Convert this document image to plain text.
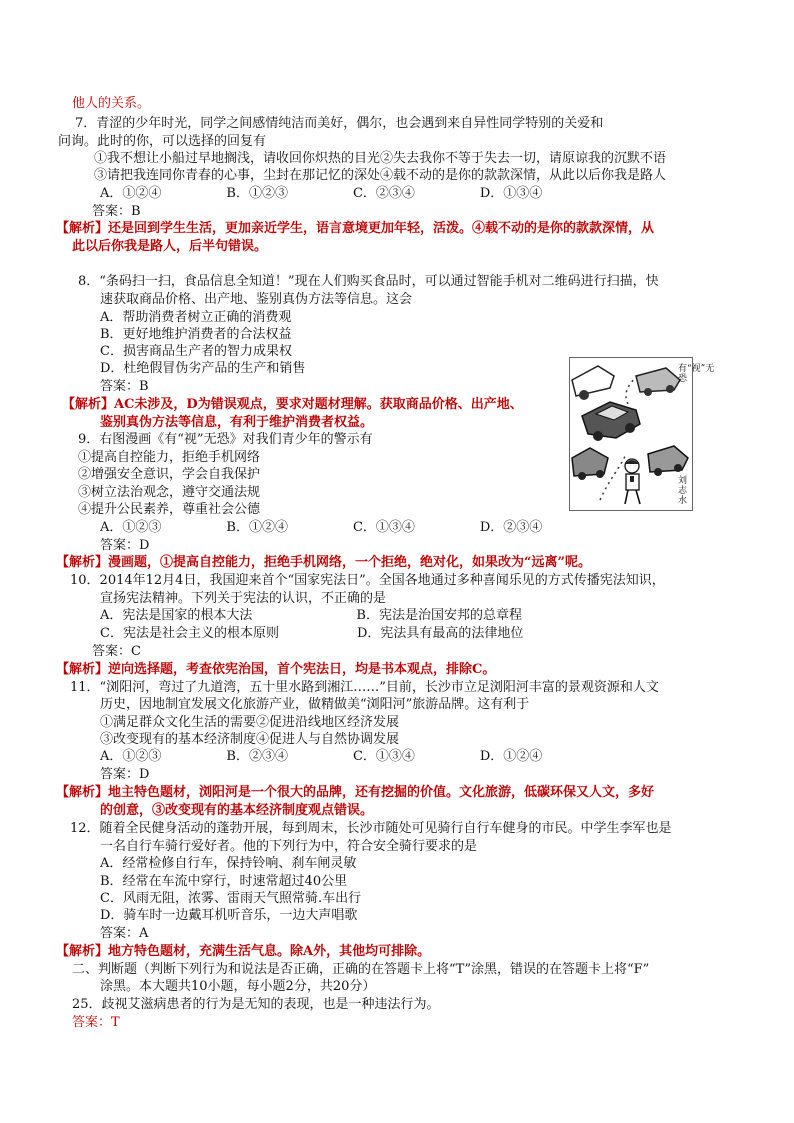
他人的关系。
7．青涩的少年时光，同学之间感情纯洁而美好，偶尔，也会遇到来自异性同学特别的关爱和
问询。此时的你，可以选择的回复有
①我不想让小船过早地搁浅，请收回你炽热的目光②失去我你不等于失去一切，请原谅我的沉默不语
③请把我连同你青春的心事，尘封在那记忆的深处④载不动的是你的款款深情，从此以后你我是路人
A．①②④　　　　　B．①②③　　　　　C．②③④　　　　　D．①③④
答案：B
【解析】还是回到学生生活，更加亲近学生，语言意境更加年轻，活泼。④载不动的是你的款款深情，从
此以后你我是路人，后半句错误。
8．“条码扫一扫，食品信息全知道！”现在人们购买食品时，可以通过智能手机对二维码进行扫描，快
速获取商品价格、出产地、鉴别真伪方法等信息。这会
A．帮助消费者树立正确的消费观
B．更好地维护消费者的合法权益
C．损害商品生产者的智力成果权
D．杜绝假冒伪劣产品的生产和销售
答案：B
【解析】AC未涉及，D为错误观点，要求对题材理解。获取商品价格、出产地、
鉴别真伪方法等信息，有利于维护消费者权益。
9．右图漫画《有“视”无恐》对我们青少年的警示有
①提高自控能力，拒绝手机网络
②增强安全意识，学会自我保护
③树立法治观念，遵守交通法规
④提升公民素养，尊重社会公德
A．①②③　　　　　B．①②④　　　　　C．①③④　　　　　D．②③④
答案：D
【解析】漫画题，①提高自控能力，拒绝手机网络，一个拒绝，绝对化，如果改为“远离”呢。
10．2014年12月4日，我国迎来首个“国家宪法日”。全国各地通过多种喜闻乐见的方式传播宪法知识，
宣扬宪法精神。下列关于宪法的认识，不正确的是
A．宪法是国家的根本大法　　　　　　　　B．宪法是治国安邦的总章程
C．宪法是社会主义的根本原则　　　　　　D．宪法具有最高的法律地位
答案：C
【解析】逆向选择题，考查依宪治国，首个宪法日，均是书本观点，排除C。
11．“浏阳河，弯过了九道湾，五十里水路到湘江……”目前，长沙市立足浏阳河丰富的景观资源和人文
历史，因地制宜发展文化旅游产业，做精做美“浏阳河”旅游品牌。这有利于
①满足群众文化生活的需要②促进沿线地区经济发展
③改变现有的基本经济制度④促进人与自然协调发展
A．①②③　　　　　B．②③④　　　　　C．①③④　　　　　D．①②④
答案：D
【解析】地主特色题材，浏阳河是一个很大的品牌，还有挖掘的价值。文化旅游，低碳环保又人文，多好
的创意，③改变现有的基本经济制度观点错误。
12．随着全民健身活动的蓬勃开展，每到周末，长沙市随处可见骑行自行车健身的市民。中学生李军也是
一名自行车骑行爱好者。他的下列行为中，符合安全骑行要求的是
A．经常检修自行车，保持铃响、刹车闸灵敏
B．经常在车流中穿行，时速常超过40公里
C．风雨无阻，浓雾、雷雨天气照常骑.车出行
D．骑车时一边戴耳机听音乐，一边大声唱歌
答案：A
【解析】地方特色题材，充满生活气息。除A外，其他均可排除。
二、判断题（判断下列行为和说法是否正确，正确的在答题卡上将“T”涂黑，错误的在答题卡上将“F”
涂黑。本大题共10小题，每小题2分，共20分）
25．歧视艾滋病患者的行为是无知的表现，也是一种违法行为。
答案：T
有“视”无恐
刘志水
